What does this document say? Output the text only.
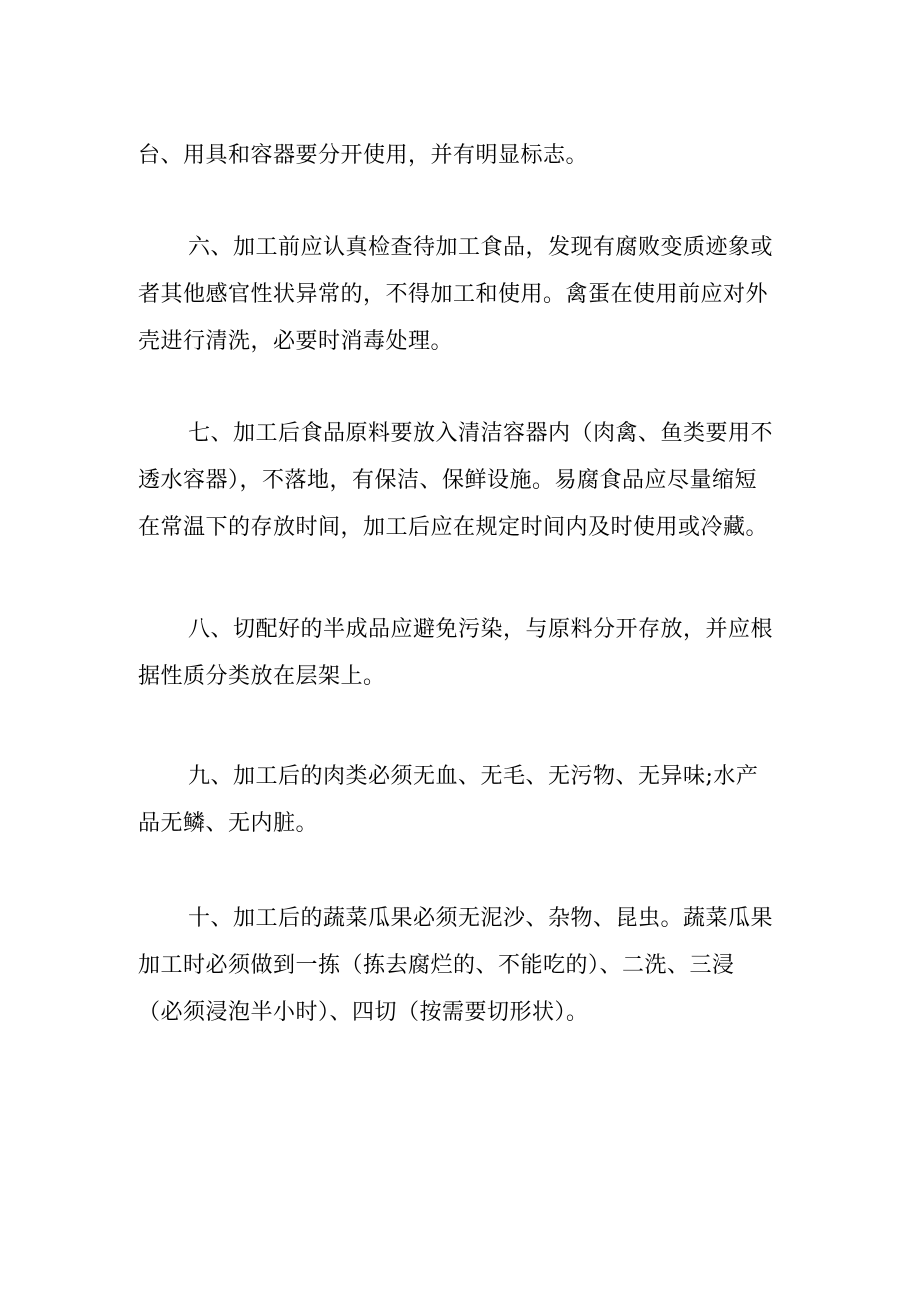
台、用具和容器要分开使用，并有明显标志。
六、加工前应认真检查待加工食品，发现有腐败变质迹象或
者其他感官性状异常的，不得加工和使用。禽蛋在使用前应对外
壳进行清洗，必要时消毒处理。
七、加工后食品原料要放入清洁容器内（肉禽、鱼类要用不
透水容器），不落地，有保洁、保鲜设施。易腐食品应尽量缩短
在常温下的存放时间，加工后应在规定时间内及时使用或冷藏。
八、切配好的半成品应避免污染，与原料分开存放，并应根
据性质分类放在层架上。
九、加工后的肉类必须无血、无毛、无污物、无异味;水产
品无鳞、无内脏。
十、加工后的蔬菜瓜果必须无泥沙、杂物、昆虫。蔬菜瓜果
加工时必须做到一拣（拣去腐烂的、不能吃的）、二洗、三浸
（必须浸泡半小时）、四切（按需要切形状）。
